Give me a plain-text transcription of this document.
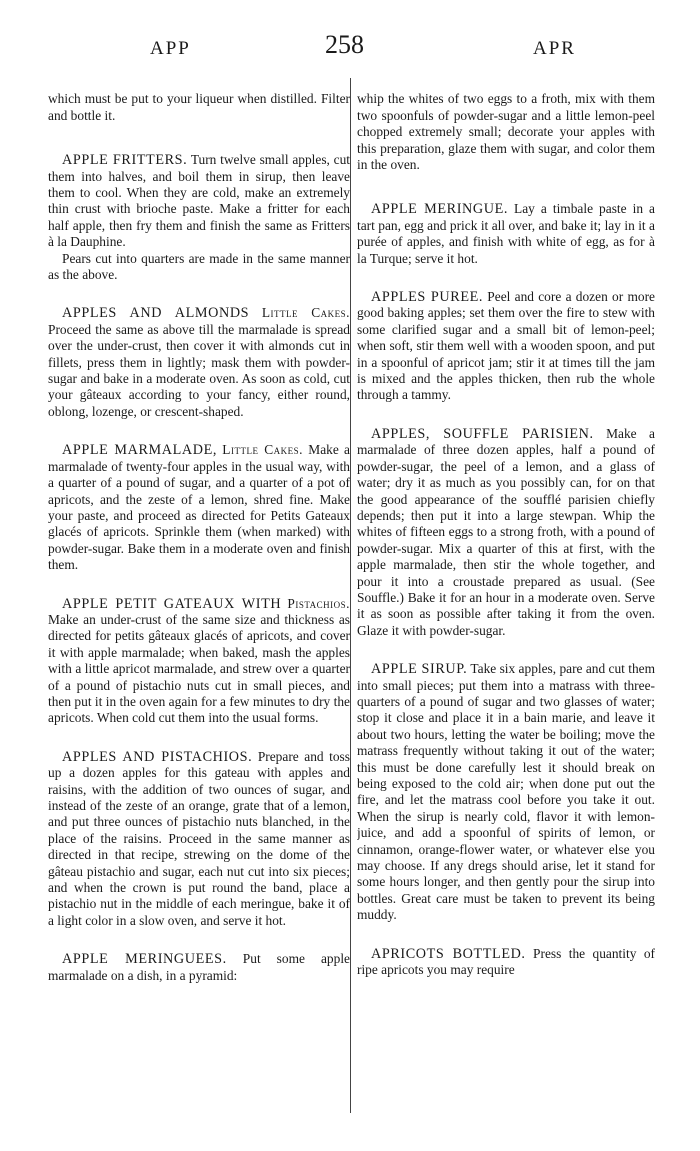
APP	258	APR

which must be put to your liqueur when distilled. Filter and bottle it.

APPLE FRITTERS. Turn twelve small apples, cut them into halves, and boil them in sirup, then leave them to cool. When they are cold, make an extremely thin crust with brioche paste. Make a fritter for each half apple, then fry them and finish the same as Fritters à la Dauphine.

Pears cut into quarters are made in the same manner as the above.

APPLES AND ALMONDS Little Cakes. Proceed the same as above till the marmalade is spread over the under-crust, then cover it with almonds cut in fillets, press them in lightly; mask them with powder-sugar and bake in a moderate oven. As soon as cold, cut your gâteaux according to your fancy, either round, oblong, lozenge, or crescent-shaped.

APPLE MARMALADE, Little Cakes. Make a marmalade of twenty-four apples in the usual way, with a quarter of a pound of sugar, and a quarter of a pot of apricots, and the zeste of a lemon, shred fine. Make your paste, and proceed as directed for Petits Gateaux glacés of apricots. Sprinkle them (when marked) with powder-sugar. Bake them in a moderate oven and finish them.

APPLE PETIT GATEAUX WITH Pistachios. Make an under-crust of the same size and thickness as directed for petits gâteaux glacés of apricots, and cover it with apple marmalade; when baked, mash the apples with a little apricot marmalade, and strew over a quarter of a pound of pistachio nuts cut in small pieces, and then put it in the oven again for a few minutes to dry the apricots. When cold cut them into the usual forms.

APPLES AND PISTACHIOS. Prepare and toss up a dozen apples for this gateau with apples and raisins, with the addition of two ounces of sugar, and instead of the zeste of an orange, grate that of a lemon, and put three ounces of pistachio nuts blanched, in the place of the raisins. Proceed in the same manner as directed in that recipe, strewing on the dome of the gâteau pistachio and sugar, each nut cut into six pieces; and when the crown is put round the band, place a pistachio nut in the middle of each meringue, bake it of a light color in a slow oven, and serve it hot.

APPLE MERINGUEES. Put some apple marmalade on a dish, in a pyramid:

whip the whites of two eggs to a froth, mix with them two spoonfuls of powder-sugar and a little lemon-peel chopped extremely small; decorate your apples with this preparation, glaze them with sugar, and color them in the oven.

APPLE MERINGUE. Lay a timbale paste in a tart pan, egg and prick it all over, and bake it; lay in it a purée of apples, and finish with white of egg, as for à la Turque; serve it hot.

APPLES PUREE. Peel and core a dozen or more good baking apples; set them over the fire to stew with some clarified sugar and a small bit of lemon-peel; when soft, stir them well with a wooden spoon, and put in a spoonful of apricot jam; stir it at times till the jam is mixed and the apples thicken, then rub the whole through a tammy.

APPLES, SOUFFLE PARISIEN. Make a marmalade of three dozen apples, half a pound of powder-sugar, the peel of a lemon, and a glass of water; dry it as much as you possibly can, for on that the good appearance of the soufflé parisien chiefly depends; then put it into a large stewpan. Whip the whites of fifteen eggs to a strong froth, with a pound of powder-sugar. Mix a quarter of this at first, with the apple marmalade, then stir the whole together, and pour it into a croustade prepared as usual. (See Souffle.) Bake it for an hour in a moderate oven. Serve it as soon as possible after taking it from the oven. Glaze it with powder-sugar.

APPLE SIRUP. Take six apples, pare and cut them into small pieces; put them into a matrass with three-quarters of a pound of sugar and two glasses of water; stop it close and place it in a bain marie, and leave it about two hours, letting the water be boiling; move the matrass frequently without taking it out of the water; this must be done carefully lest it should break on being exposed to the cold air; when done put out the fire, and let the matrass cool before you take it out. When the sirup is nearly cold, flavor it with lemon-juice, and add a spoonful of spirits of lemon, or cinnamon, orange-flower water, or whatever else you may choose. If any dregs should arise, let it stand for some hours longer, and then gently pour the sirup into bottles. Great care must be taken to prevent its being muddy.

APRICOTS BOTTLED. Press the quantity of ripe apricots you may require
